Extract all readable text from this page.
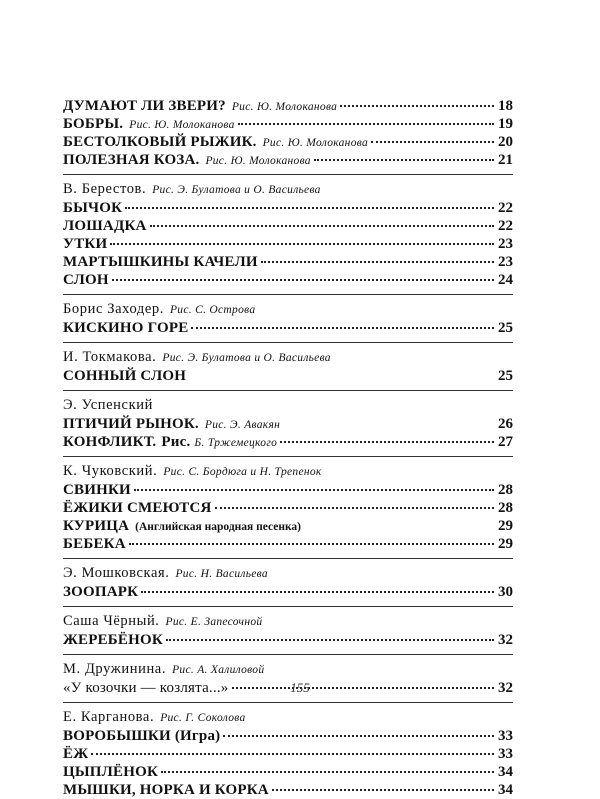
ДУМАЮТ ЛИ ЗВЕРИ? Рис. Ю. Молоканова	18
БОБРЫ. Рис. Ю. Молоканова	19
БЕСТОЛКОВЫЙ РЫЖИК. Рис. Ю. Молоканова	20
ПОЛЕЗНАЯ КОЗА. Рис. Ю. Молоканова	21
В. Берестов. Рис. Э. Булатова и О. Васильева
БЫЧОК	22
ЛОШАДКА	22
УТКИ	23
МАРТЫШКИНЫ КАЧЕЛИ	23
СЛОН	24
Борис Заходер. Рис. С. Острова
КИСКИНО ГОРЕ	25
И. Токмакова. Рис. Э. Булатова и О. Васильева
СОННЫЙ СЛОН	25
Э. Успенский
ПТИЧИЙ РЫНОК. Рис. Э. Авакян	26
КОНФЛИКТ. Рис. Б. Тржемецкого	27
К. Чуковский. Рис. С. Бордюга и Н. Трепенок
СВИНКИ	28
ЁЖИКИ СМЕЮТСЯ	28
КУРИЦА (Английская народная песенка)	29
БЕБЕКА	29
Э. Мошковская. Рис. Н. Васильева
ЗООПАРК	30
Саша Чёрный. Рис. Е. Запесочной
ЖЕРЕБЁНОК	32
М. Дружинина. Рис. А. Халиловой
«У козочки — козлята...»	32
Е. Карганова. Рис. Г. Соколова
ВОРОБЫШКИ (Игра)	33
ЁЖ	33
ЦЫПЛЁНОК	34
МЫШКИ, НОРКА И КОРКА	34
155
